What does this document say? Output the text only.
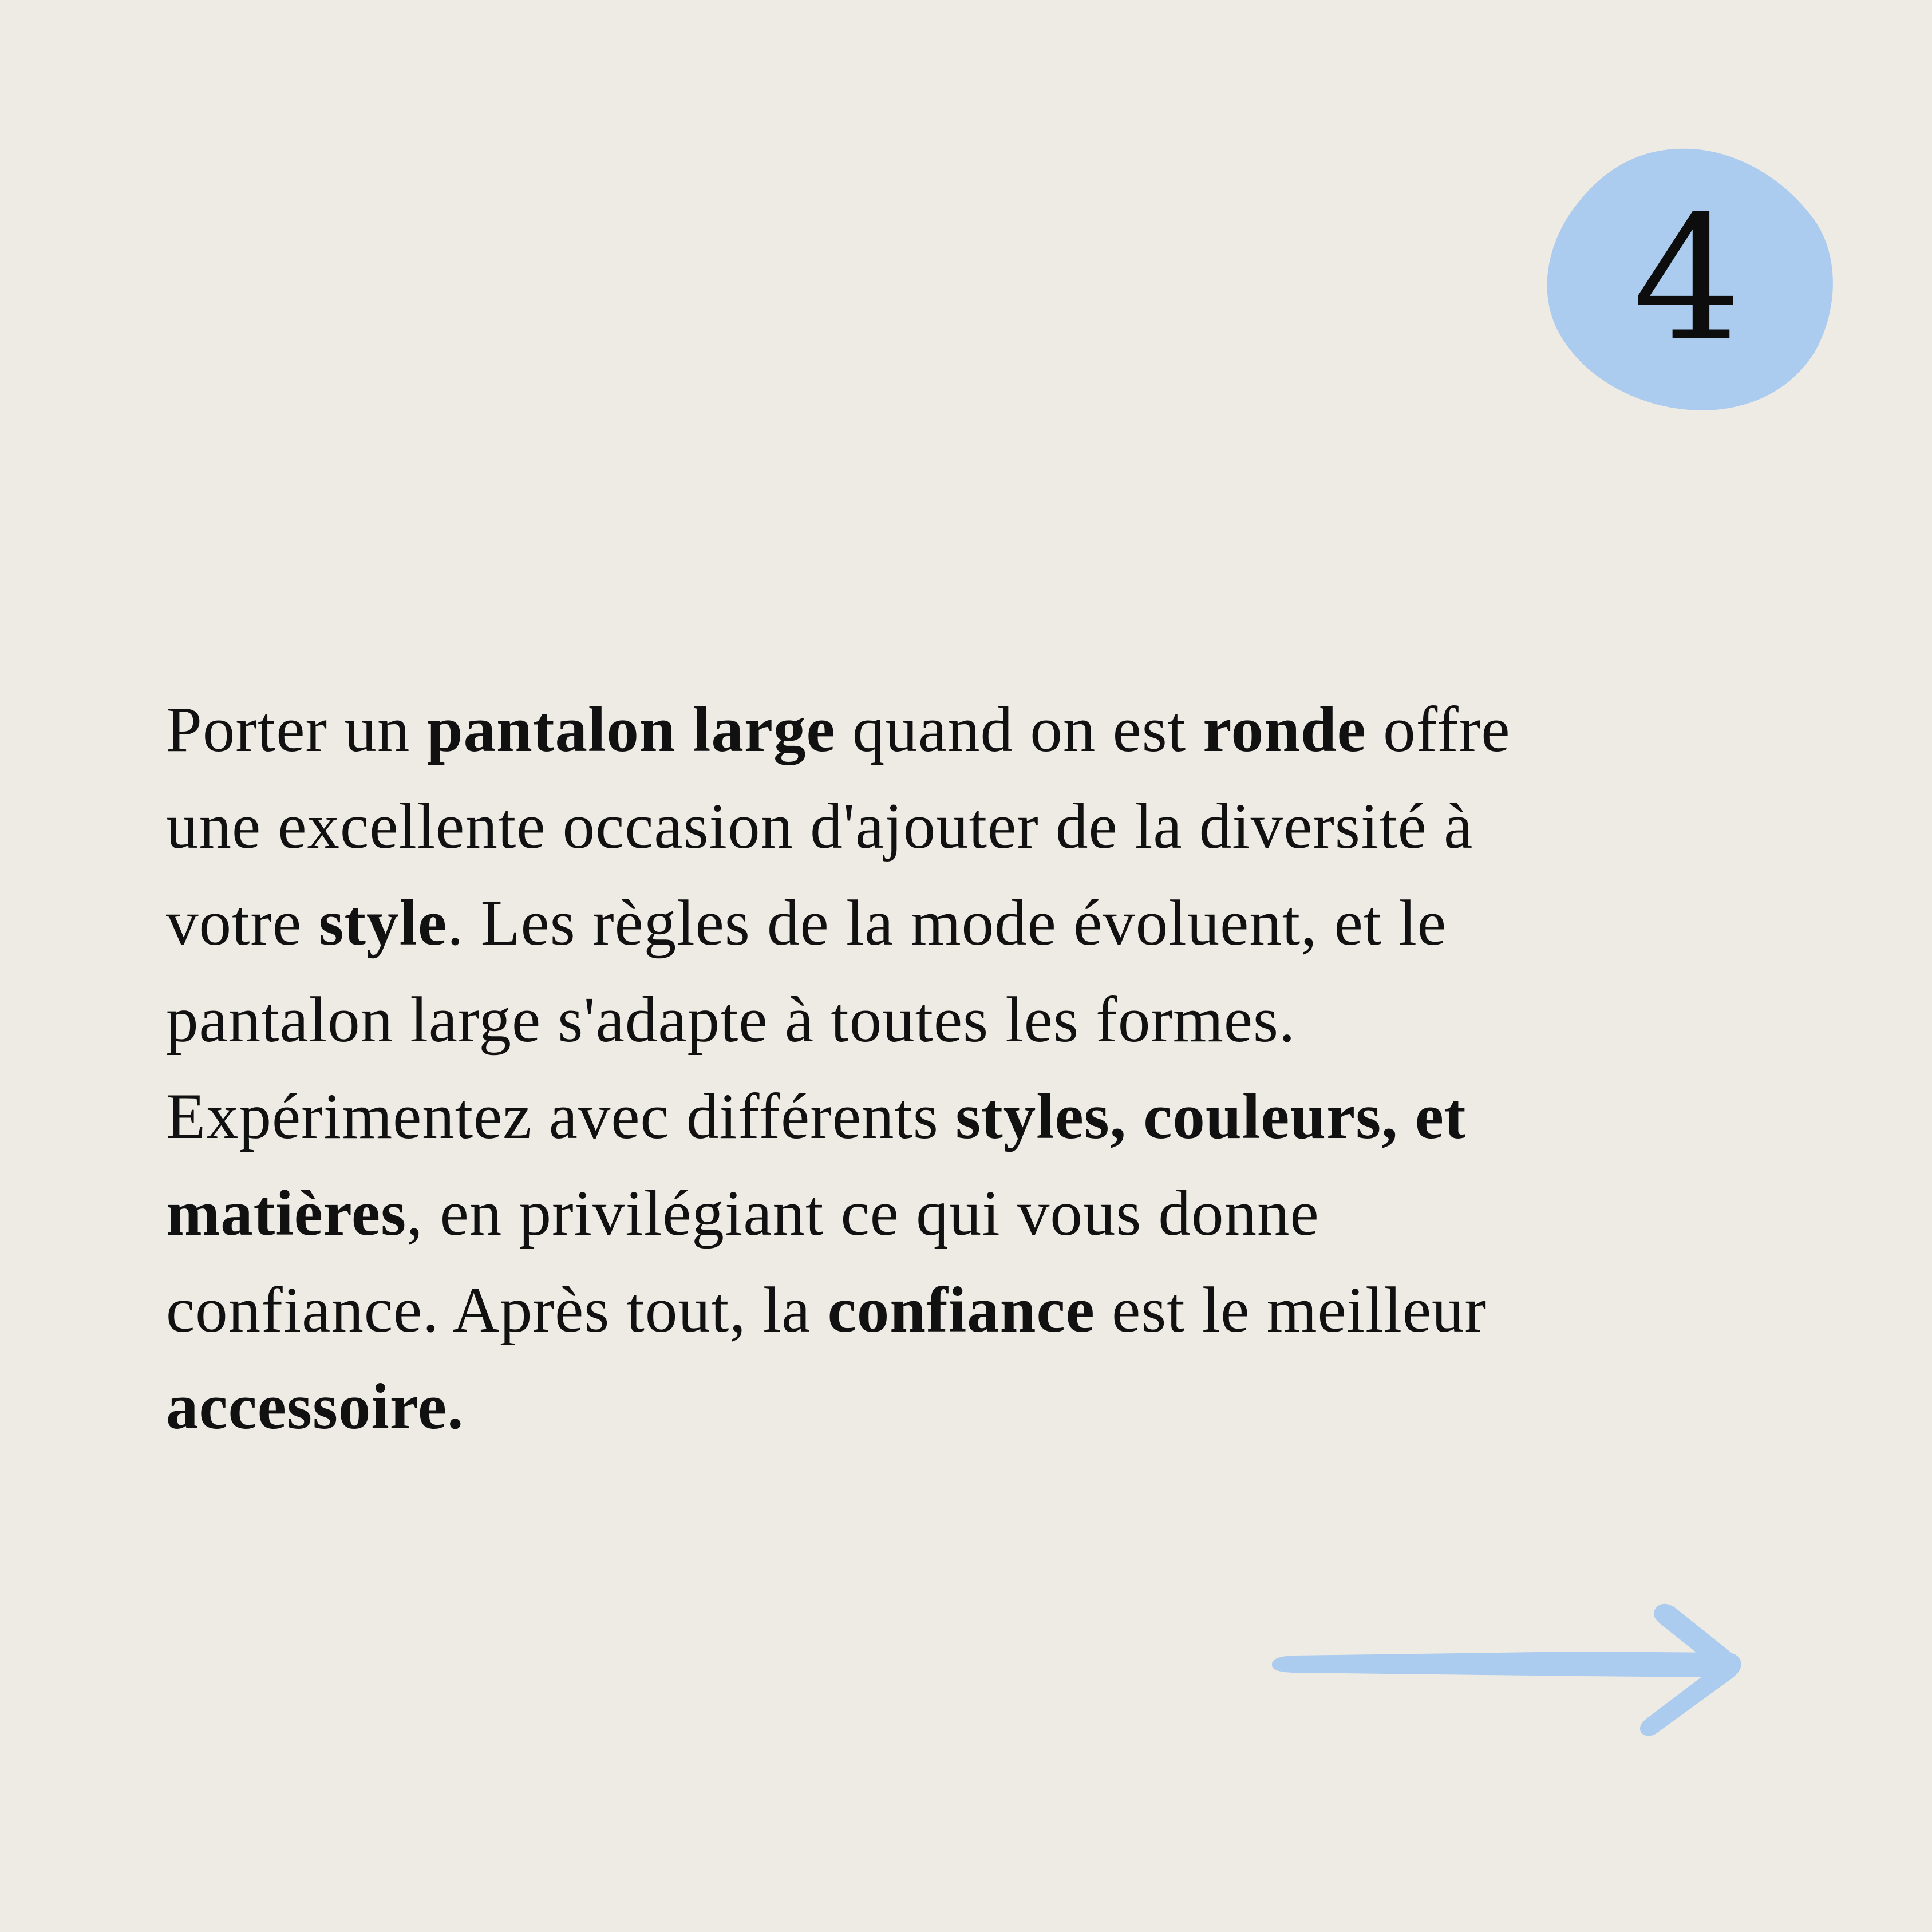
4
Porter un pantalon large quand on est ronde offre
une excellente occasion d'ajouter de la diversité à
votre style. Les règles de la mode évoluent, et le
pantalon large s'adapte à toutes les formes.
Expérimentez avec différents styles, couleurs, et
matières, en privilégiant ce qui vous donne
confiance. Après tout, la confiance est le meilleur
accessoire.
